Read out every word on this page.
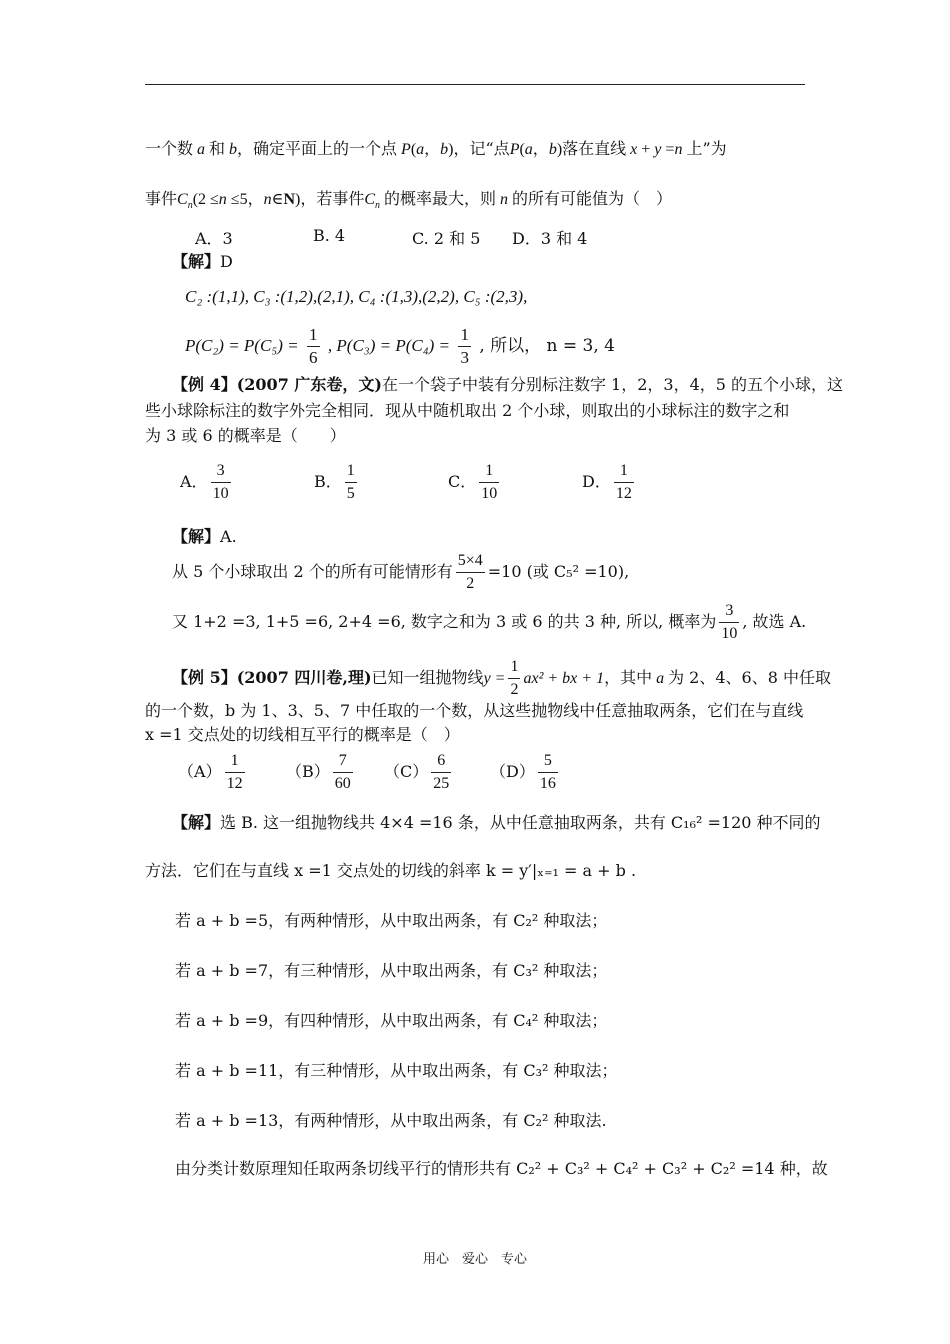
一个数 a 和 b，确定平面上的一个点 P(a，b)，记“点P(a，b)落在直线 x + y =n 上”为
事件$C_n(2 \le n \le 5$，n∈N)，若事件$C_n$ 的概率最大，则 n 的所有可能值为（　）
A．3	B. 4	C. 2 和 5 D．3 和 4
【解】D
C₂ :(1,1), C₃ :(1,2),(2,1), C₄ :(1,3),(2,2), C₅ :(2,3),
$P(C_2) = P(C_5) = \frac{1}{6}$ , $P(C_3) = P(C_4) = \frac{1}{3}$ , 所以， n = 3, 4
【例 4】(2007 广东卷，文)在一个袋子中装有分别标注数字 1，2，3，4，5 的五个小球，这
些小球除标注的数字外完全相同．现从中随机取出 2 个小球，则取出的小球标注的数字之和
为 3 或 6 的概率是（　　）
A． $\frac{3}{10}$	B． $\frac{1}{5}$	C． $\frac{1}{10}$	D． $\frac{1}{12}$
【解】A.
从 5 个小球取出 2 个的所有可能情形有 $\frac{5\times 4}{2} =10$ (或 C₅² =10),
又 1+2 =3, 1+5 =6, 2+4 =6, 数字之和为 3 或 6 的共 3 种, 所以, 概率为 $\frac{3}{10}$ , 故选 A.
【例 5】(2007 四川卷,理)已知一组抛物线$y = \frac{1}{2} ax^2$ + bx + 1，其中 a 为 2、4、6、8 中任取
的一个数，b 为 1、3、5、7 中任取的一个数，从这些抛物线中任意抽取两条，它们在与直线
x =1 交点处的切线相互平行的概率是（　）
$(A) \frac{1}{12}$	$(B) \frac{7}{60} (C) \frac{6}{25} (D) \frac{5}{16}$
【解】选 B. 这一组抛物线共 4×4 =16 条，从中任意抽取两条，共有 C₁₆² =120 种不同的
方法．它们在与直线 x =1 交点处的切线的斜率 k = y′|ₓ₌₁ = a + b .
若 a + b =5，有两种情形，从中取出两条，有 C₂² 种取法；
若 a + b =7，有三种情形，从中取出两条，有 C₃² 种取法；
若 a + b =9，有四种情形，从中取出两条，有 C₄² 种取法；
若 a + b =11，有三种情形，从中取出两条，有 C₃² 种取法；
若 a + b =13，有两种情形，从中取出两条，有 C₂² 种取法.
由分类计数原理知任取两条切线平行的情形共有 C₂² + C₃² + C₄² + C₃² + C₂² =14 种，故
用心　爱心　专心
